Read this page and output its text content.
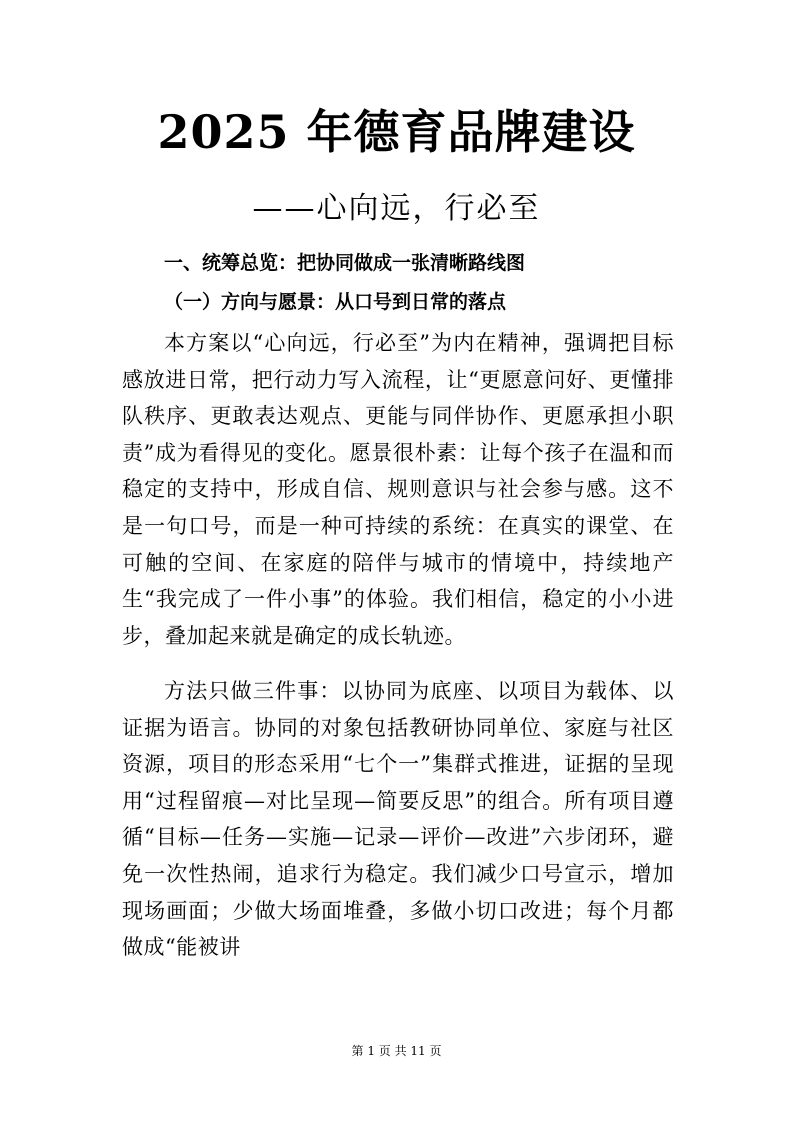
2025 年德育品牌建设
——心向远，行必至
一、统筹总览：把协同做成一张清晰路线图
（一）方向与愿景：从口号到日常的落点

本方案以“心向远，行必至”为内在精神，强调把目标感放进日常，把行动力写入流程，让“更愿意问好、更懂排队秩序、更敢表达观点、更能与同伴协作、更愿承担小职责”成为看得见的变化。愿景很朴素：让每个孩子在温和而稳定的支持中，形成自信、规则意识与社会参与感。这不是一句口号，而是一种可持续的系统：在真实的课堂、在可触的空间、在家庭的陪伴与城市的情境中，持续地产生“我完成了一件小事”的体验。我们相信，稳定的小小进步，叠加起来就是确定的成长轨迹。

方法只做三件事：以协同为底座、以项目为载体、以证据为语言。协同的对象包括教研协同单位、家庭与社区资源，项目的形态采用“七个一”集群式推进，证据的呈现用“过程留痕—对比呈现—简要反思”的组合。所有项目遵循“目标—任务—实施—记录—评价—改进”六步闭环，避免一次性热闹，追求行为稳定。我们减少口号宣示，增加现场画面；少做大场面堆叠，多做小切口改进；每个月都做成“能被讲

第 1 页 共 11 页
